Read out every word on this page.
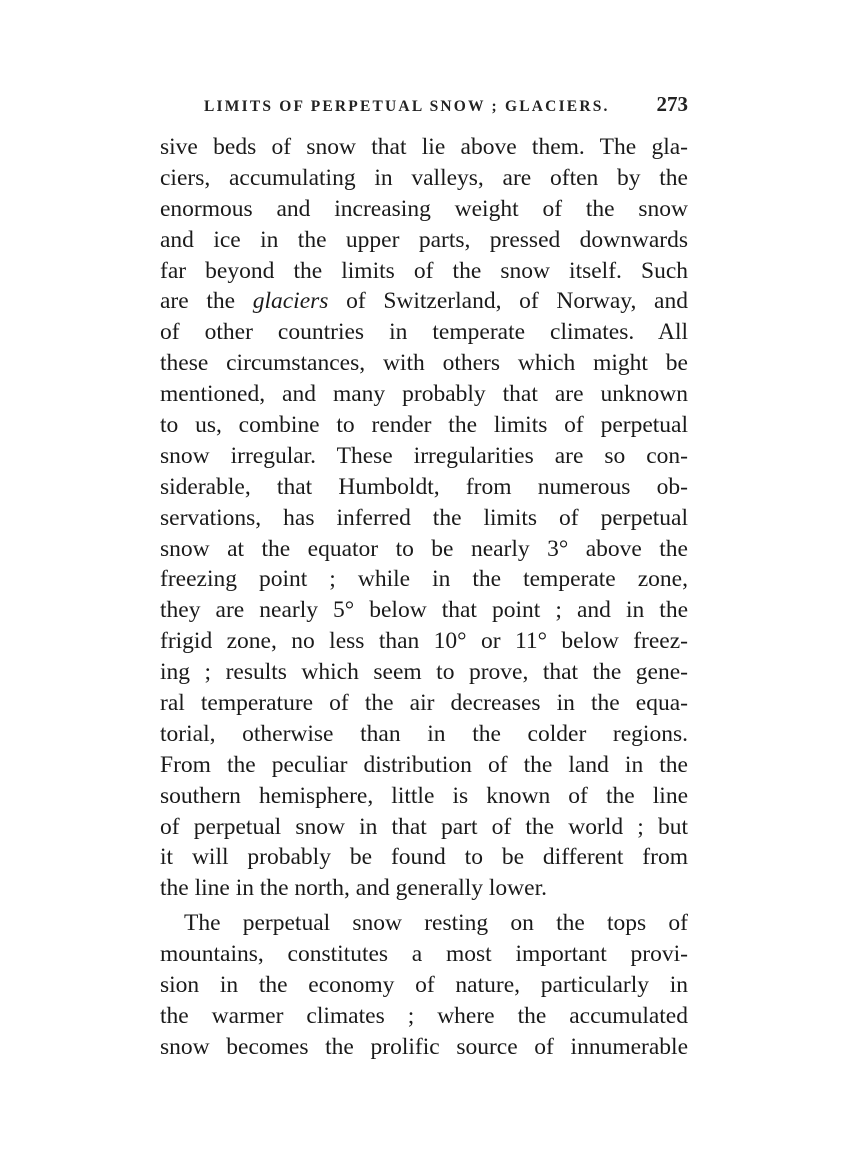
LIMITS OF PERPETUAL SNOW ; GLACIERS. 273
sive beds of snow that lie above them. The gla-
ciers, accumulating in valleys, are often by the
enormous and increasing weight of the snow
and ice in the upper parts, pressed downwards
far beyond the limits of the snow itself. Such
are the glaciers of Switzerland, of Norway, and
of other countries in temperate climates. All
these circumstances, with others which might be
mentioned, and many probably that are unknown
to us, combine to render the limits of perpetual
snow irregular. These irregularities are so con-
siderable, that Humboldt, from numerous ob-
servations, has inferred the limits of perpetual
snow at the equator to be nearly 3° above the
freezing point ; while in the temperate zone,
they are nearly 5° below that point ; and in the
frigid zone, no less than 10° or 11° below freez-
ing ; results which seem to prove, that the gene-
ral temperature of the air decreases in the equa-
torial, otherwise than in the colder regions.
From the peculiar distribution of the land in the
southern hemisphere, little is known of the line
of perpetual snow in that part of the world ; but
it will probably be found to be different from
the line in the north, and generally lower.
The perpetual snow resting on the tops of
mountains, constitutes a most important provi-
sion in the economy of nature, particularly in
the warmer climates ; where the accumulated
snow becomes the prolific source of innumerable
